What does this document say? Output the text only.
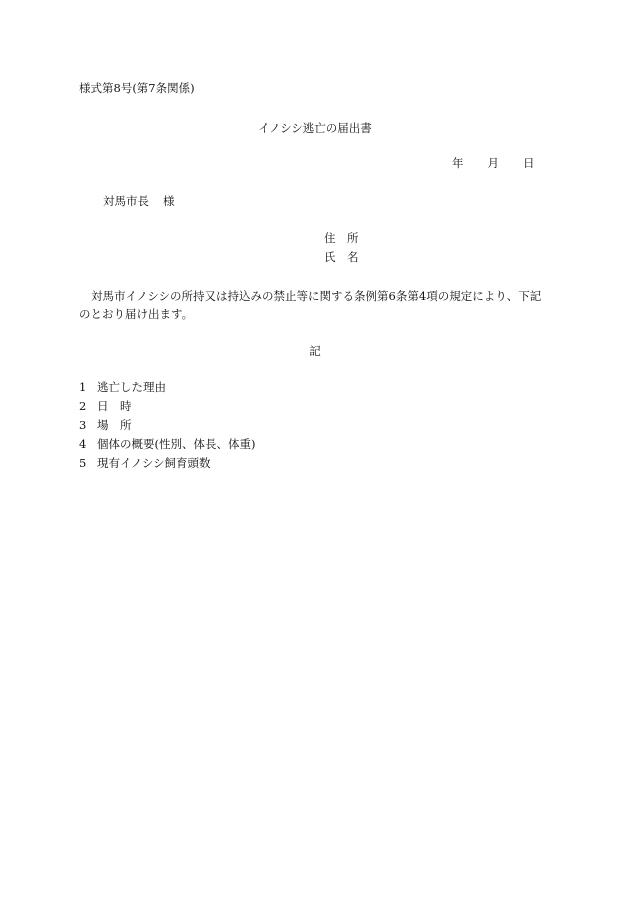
様式第8号(第7条関係)
イノシシ逃亡の届出書
年 月 日
対馬市長 様
住　所
氏　名
対馬市イノシシの所持又は持込みの禁止等に関する条例第6条第4項の規定により、下記のとおり届け出ます。
記
1 逃亡した理由
2 日　時
3 場　所
4 個体の概要(性別、体長、体重)
5 現有イノシシ飼育頭数
